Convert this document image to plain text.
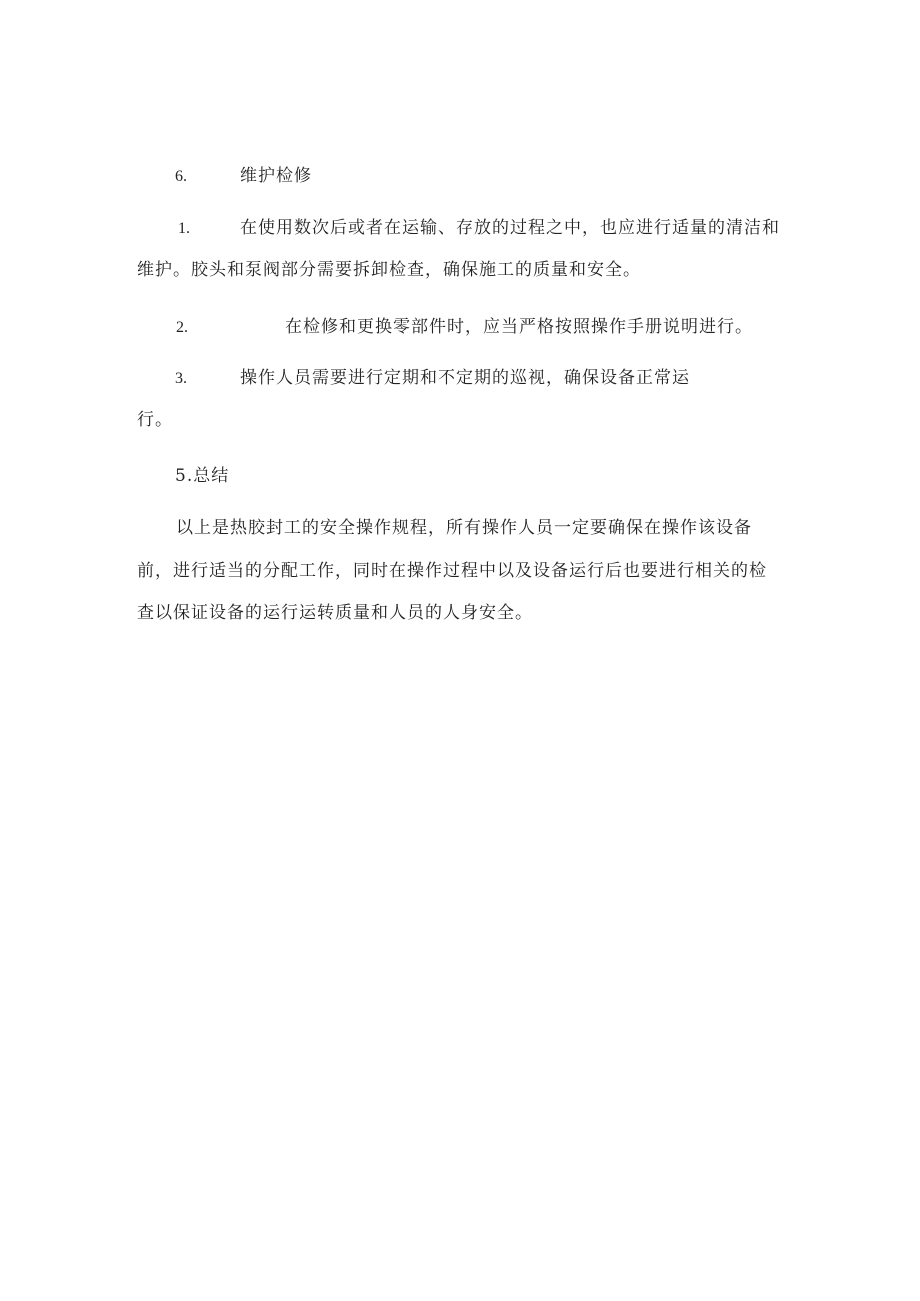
6.	维护检修
1.	在使用数次后或者在运输、存放的过程之中，也应进行适量的清洁和
维护。胶头和泵阀部分需要拆卸检查，确保施工的质量和安全。
2.	在检修和更换零部件时，应当严格按照操作手册说明进行。
3.	操作人员需要进行定期和不定期的巡视，确保设备正常运
行。
5.总结
以上是热胶封工的安全操作规程，所有操作人员一定要确保在操作该设备
前，进行适当的分配工作，同时在操作过程中以及设备运行后也要进行相关的检
查以保证设备的运行运转质量和人员的人身安全。
